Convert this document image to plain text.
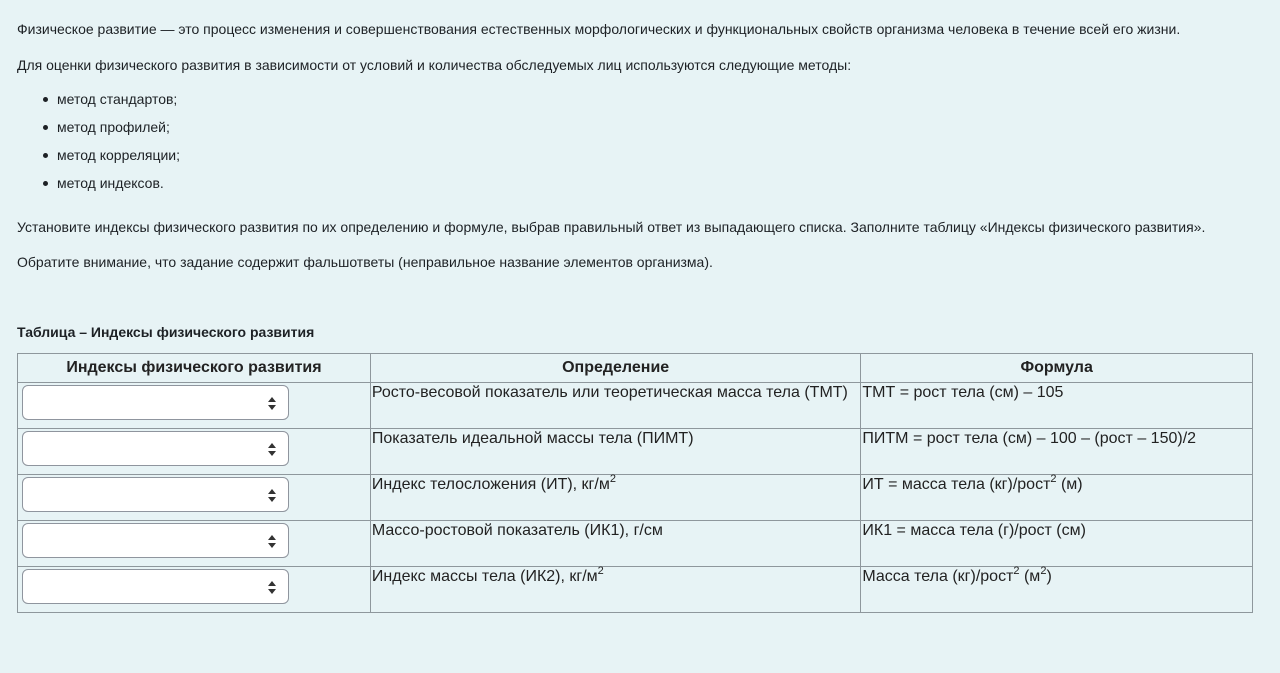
Физическое развитие — это процесс изменения и совершенствования естественных морфологических и функциональных свойств организма человека в течение всей его жизни.

Для оценки физического развития в зависимости от условий и количества обследуемых лиц используются следующие методы:

метод стандартов;
метод профилей;
метод корреляции;
метод индексов.

Установите индексы физического развития по их определению и формуле, выбрав правильный ответ из выпадающего списка. Заполните таблицу «Индексы физического развития».

Обратите внимание, что задание содержит фальшответы (неправильное название элементов организма).

Таблица – Индексы физического развития
Индексы физического развития	Определение	Формула

	Росто-весовой показатель или теоретическая масса тела (ТМТ)	ТМТ = рост тела (см) – 105

	Показатель идеальной массы тела (ПИМТ)	ПИТМ = рост тела (см) – 100 – (рост – 150)/2

	Индекс телосложения (ИТ), $кг/м^2$	ИТ = масса тела (кг)/рост$^2$ (м)

	Массо-ростовой показатель (ИК1), г/см	ИК1 = масса тела (г)/рост (см)

	Индекс массы тела (ИК2), $кг/м^2$	Масса тела (кг)/рост$^2$ $(м^2)$
